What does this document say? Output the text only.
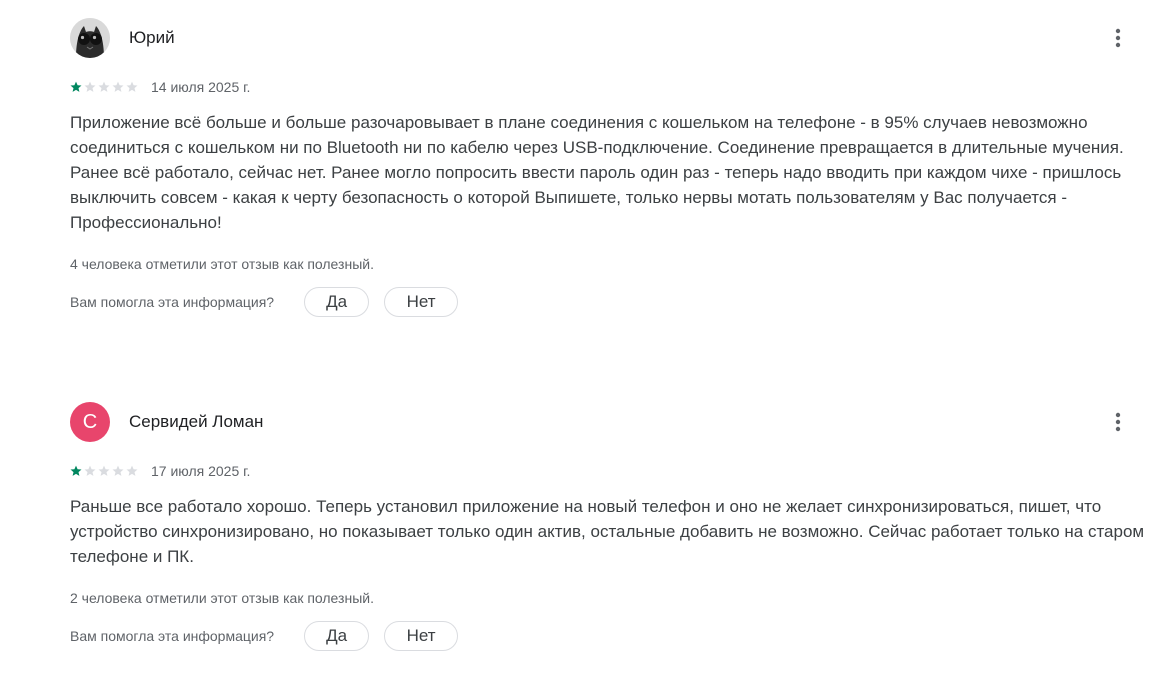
Юрий
14 июля 2025 г.
Приложение всё больше и больше разочаровывает в плане соединения с кошельком на телефоне - в 95% случаев невозможно соединиться с кошельком ни по Bluetooth ни по кабелю через USB-подключение. Соединение превращается в длительные мучения. Ранее всё работало, сейчас нет. Ранее могло попросить ввести пароль один раз - теперь надо вводить при каждом чихе - пришлось выключить совсем - какая к черту безопасность о которой Выпишете, только нервы мотать пользователям у Вас получается - Профессионально!
4 человека отметили этот отзыв как полезный.
Вам помогла эта информация?	Да	Нет
С Сервидей Ломан
17 июля 2025 г.
Раньше все работало хорошо. Теперь установил приложение на новый телефон и оно не желает синхронизироваться, пишет, что устройство синхронизировано, но показывает только один актив, остальные добавить не возможно. Сейчас работает только на старом телефоне и ПК.
2 человека отметили этот отзыв как полезный.
Вам помогла эта информация?	Да	Нет
